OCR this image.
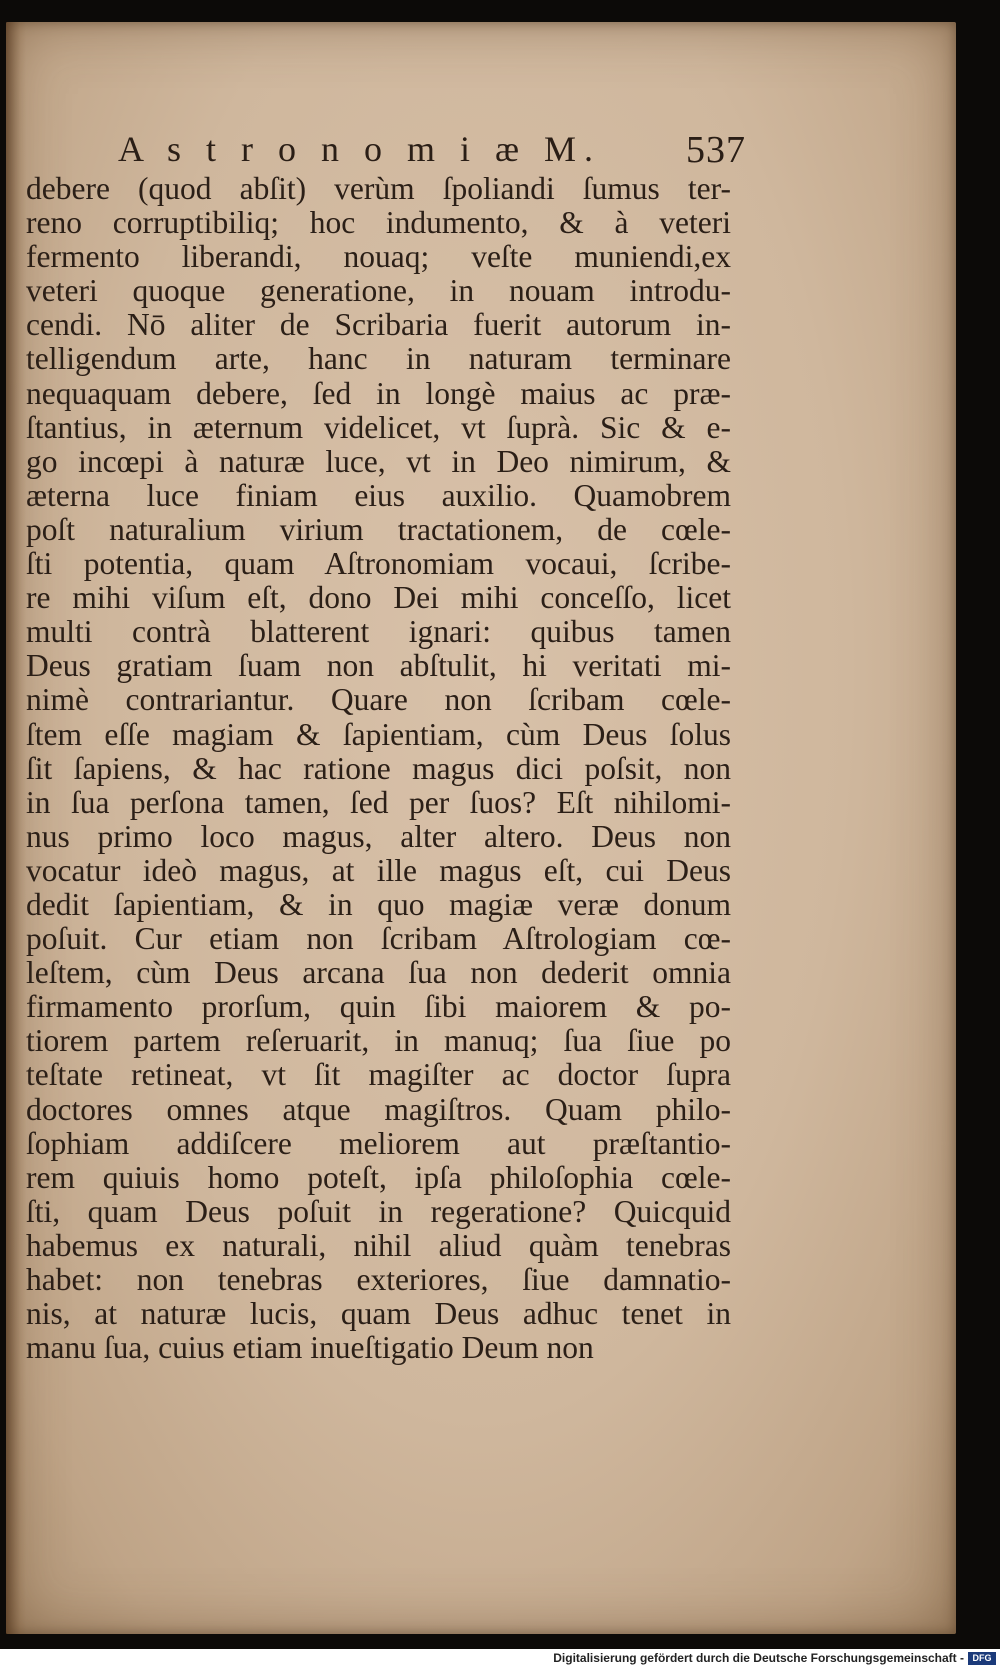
A s t r o n o m i æ M. 537
debere (quod abſit) verùm ſpoliandi ſumus ter-
reno corruptibiliq; hoc indumento, & à veteri
fermento liberandi, nouaq; veſte muniendi,ex
veteri quoque generatione, in nouam introdu-
cendi. Nō aliter de Scribaria fuerit autorum in-
telligendum arte, hanc in naturam terminare
nequaquam debere, ſed in longè maius ac præ-
ſtantius, in æternum videlicet, vt ſuprà. Sic & e-
go incœpi à naturæ luce, vt in Deo nimirum, &
æterna luce finiam eius auxilio. Quamobrem
poſt naturalium virium tractationem, de cœle-
ſti potentia, quam Aſtronomiam vocaui, ſcribe-
re mihi viſum eſt, dono Dei mihi conceſſo, licet
multi contrà blatterent ignari: quibus tamen
Deus gratiam ſuam non abſtulit, hi veritati mi-
nimè contrariantur. Quare non ſcribam cœle-
ſtem eſſe magiam & ſapientiam, cùm Deus ſolus
ſit ſapiens, & hac ratione magus dici poſsit, non
in ſua perſona tamen, ſed per ſuos? Eſt nihilomi-
nus primo loco magus, alter altero. Deus non
vocatur ideò magus, at ille magus eſt, cui Deus
dedit ſapientiam, & in quo magiæ veræ donum
poſuit. Cur etiam non ſcribam Aſtrologiam cœ-
leſtem, cùm Deus arcana ſua non dederit omnia
firmamento prorſum, quin ſibi maiorem & po-
tiorem partem reſeruarit, in manuq; ſua ſiue po
teſtate retineat, vt ſit magiſter ac doctor ſupra
doctores omnes atque magiſtros. Quam philo-
ſophiam addiſcere meliorem aut præſtantio-
rem quiuis homo poteſt, ipſa philoſophia cœle-
ſti, quam Deus poſuit in regeratione? Quicquid
habemus ex naturali, nihil aliud quàm tenebras
habet: non tenebras exteriores, ſiue damnatio-
nis, at naturæ lucis, quam Deus adhuc tenet in
manu ſua, cuius etiam inueſtigatio Deum non
Digitalisierung gefördert durch die Deutsche Forschungsgemeinschaft - DFG
